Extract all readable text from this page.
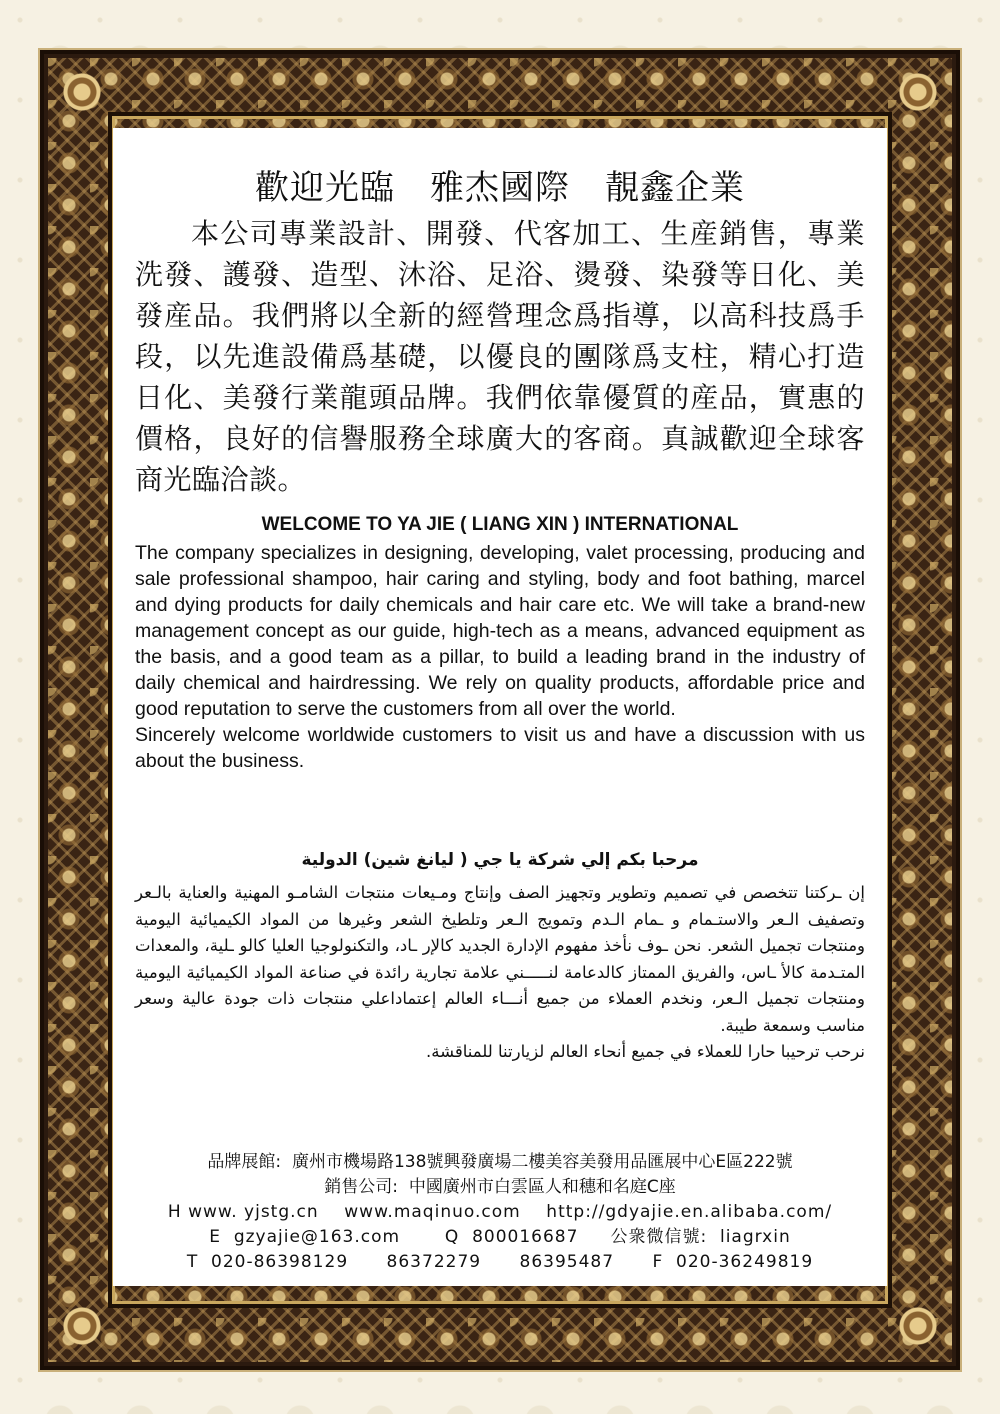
歡迎光臨　雅杰國際　靚鑫企業
本公司專業設計、開發、代客加工、生産銷售，專業洗發、護發、造型、沐浴、足浴、燙發、染發等日化、美發産品。我們將以全新的經營理念爲指導，以高科技爲手段，以先進設備爲基礎，以優良的團隊爲支柱，精心打造日化、美發行業龍頭品牌。我們依靠優質的産品，實惠的價格，良好的信譽服務全球廣大的客商。真誠歡迎全球客商光臨洽談。
WELCOME TO YA JIE ( LIANG XIN ) INTERNATIONAL

The company specializes in designing, developing, valet processing, producing and sale professional shampoo, hair caring and styling, body and foot bathing, marcel and dying products for daily chemicals and hair care etc. We will take a brand-new management concept as our guide, high-tech as a means, advanced equipment as the basis, and a good team as a pillar, to build a leading brand in the industry of daily chemical and hairdressing. We rely on quality products, affordable price and good reputation to serve the customers from all over the world.

Sincerely welcome worldwide customers to visit us and have a discussion with us about the business.

مرحبا بكم إلي شركة يا جي ( ليانغ شين) الدولية

إن ـركتنا تتخصص في تصميم وتطوير وتجهيز الصف وإنتاج ومـيعات منتجات الشامـو المهنية والعناية بالـعر وتصفيف الـعر والاستـمام و ـمام الـدم وتمويج الـعر وتلطيخ الشعر وغيرها من المواد الكيميائية اليومية ومنتجات تجميل الشعر. نحن ـوف نأخذ مفهوم الإدارة الجديد كالإر ـاد، والتكنولوجيا العليا كالو ـلية، والمعدات المتـدمة كالأ ـاس، والفريق الممتاز كالدعامة لنـــــني علامة تجارية رائدة في صناعة المواد الكيميائية اليومية ومنتجات تجميل الـعر، ونخدم العملاء من جميع أنـــاء العالم إعتماداعلي منتجات ذات جودة عالية وسعر مناسب وسمعة طيبة.

نرحب ترحيبا حارا للعملاء في جميع أنحاء العالم لزيارتنا للمناقشة.

品牌展館:  廣州市機場路138號興發廣場二樓美容美發用品匯展中心E區222號
銷售公司:  中國廣州市白雲區人和穗和名庭C座
H www. yjstg.cn    www.maqinuo.com    http://gdyajie.en.alibaba.com/
E  gzyajie@163.com       Q  800016687     公衆微信號:  liagrxin
T  020-86398129      86372279      86395487      F  020-36249819
